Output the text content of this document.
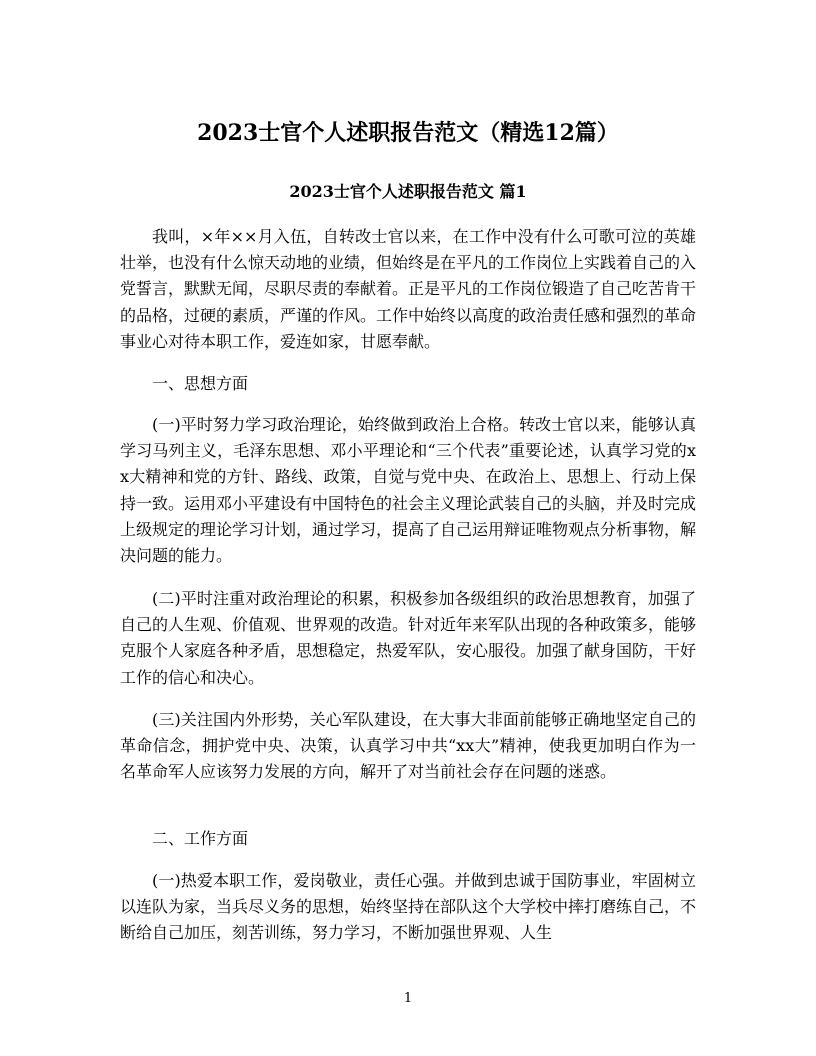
2023士官个人述职报告范文（精选12篇）
2023士官个人述职报告范文 篇1

我叫，×年××月入伍，自转改士官以来，在工作中没有什么可歌可泣的英雄壮举，也没有什么惊天动地的业绩，但始终是在平凡的工作岗位上实践着自己的入党誓言，默默无闻，尽职尽责的奉献着。正是平凡的工作岗位锻造了自己吃苦肯干的品格，过硬的素质，严谨的作风。工作中始终以高度的政治责任感和强烈的革命事业心对待本职工作，爱连如家，甘愿奉献。

一、思想方面

(一)平时努力学习政治理论，始终做到政治上合格。转改士官以来，能够认真学习马列主义，毛泽东思想、邓小平理论和“三个代表”重要论述，认真学习党的xx大精神和党的方针、路线、政策，自觉与党中央、在政治上、思想上、行动上保持一致。运用邓小平建设有中国特色的社会主义理论武装自己的头脑，并及时完成上级规定的理论学习计划，通过学习，提高了自己运用辩证唯物观点分析事物，解决问题的能力。

(二)平时注重对政治理论的积累，积极参加各级组织的政治思想教育，加强了自己的人生观、价值观、世界观的改造。针对近年来军队出现的各种政策多，能够克服个人家庭各种矛盾，思想稳定，热爱军队，安心服役。加强了献身国防，干好工作的信心和决心。

(三)关注国内外形势，关心军队建设，在大事大非面前能够正确地坚定自己的革命信念，拥护党中央、决策，认真学习中共“xx大”精神，使我更加明白作为一名革命军人应该努力发展的方向，解开了对当前社会存在问题的迷惑。

二、工作方面

(一)热爱本职工作，爱岗敬业，责任心强。并做到忠诚于国防事业，牢固树立以连队为家，当兵尽义务的思想，始终坚持在部队这个大学校中摔打磨练自己，不断给自己加压，刻苦训练，努力学习，不断加强世界观、人生

1
